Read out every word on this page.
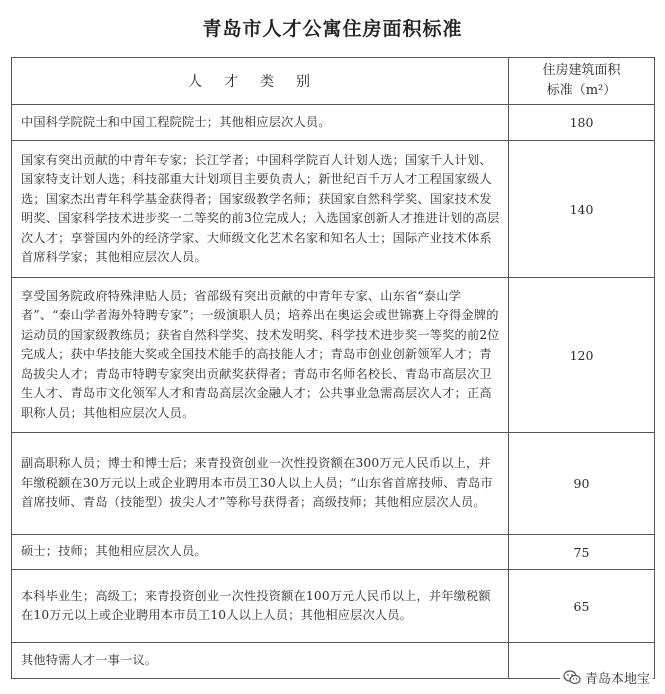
青岛市人才公寓住房面积标准
人才类别	住房建筑面积
标准（m²）

中国科学院院士和中国工程院院士；其他相应层次人员。	180
国家有突出贡献的中青年专家；长江学者；中国科学院百人计划人选；国家千人计划、国家特支计划人选；科技部重大计划项目主要负责人；新世纪百千万人才工程国家级人选；国家杰出青年科学基金获得者；国家级教学名师；获国家自然科学奖、国家技术发明奖、国家科学技术进步奖一二等奖的前3位完成人；入选国家创新人才推进计划的高层次人才；享誉国内外的经济学家、大师级文化艺术名家和知名人士；国际产业技术体系首席科学家；其他相应层次人员。	140
享受国务院政府特殊津贴人员；省部级有突出贡献的中青年专家、山东省“泰山学者”、“泰山学者海外特聘专家”；一级演职人员；培养出在奥运会或世锦赛上夺得金牌的运动员的国家级教练员；获省自然科学奖、技术发明奖、科学技术进步奖一等奖的前2位完成人；获中华技能大奖或全国技术能手的高技能人才；青岛市创业创新领军人才；青岛拔尖人才；青岛市特聘专家突出贡献奖获得者；青岛市名师名校长、青岛市高层次卫生人才、青岛市文化领军人才和青岛高层次金融人才；公共事业急需高层次人才；正高职称人员；其他相应层次人员。	120
副高职称人员；博士和博士后；来青投资创业一次性投资额在300万元人民币以上，并年缴税额在30万元以上或企业聘用本市员工30人以上人员；“山东省首席技师、青岛市首席技师、青岛（技能型）拔尖人才”等称号获得者；高级技师；其他相应层次人员。	90
硕士；技师；其他相应层次人员。	75
本科毕业生；高级工；来青投资创业一次性投资额在100万元人民币以上，并年缴税额在10万元以上或企业聘用本市员工10人以上人员；其他相应层次人员。	65
其他特需人才一事一议。	
青岛本地宝
